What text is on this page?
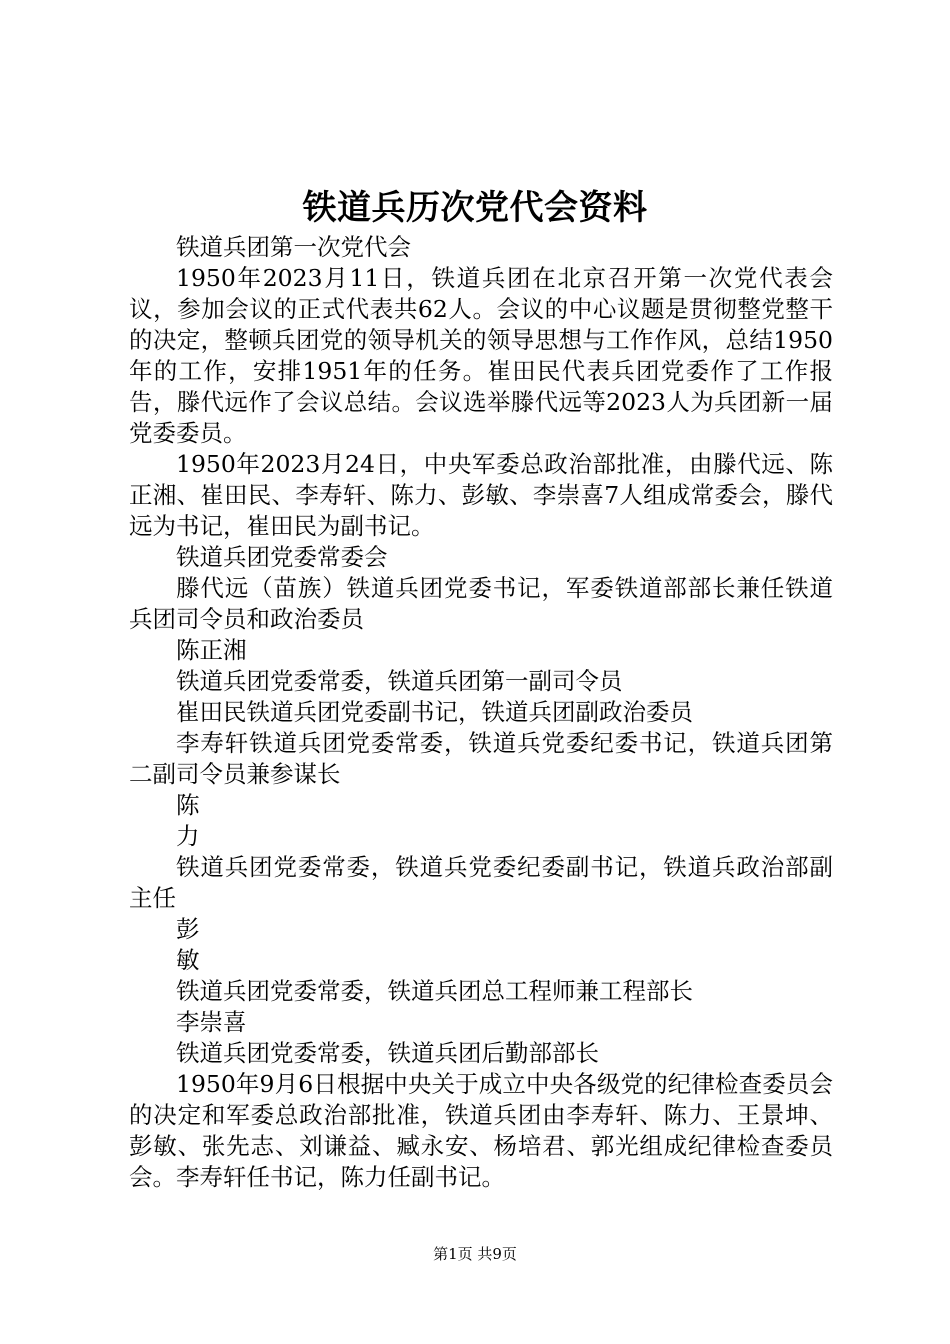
铁道兵历次党代会资料

铁道兵团第一次党代会

1950年2023月11日，铁道兵团在北京召开第一次党代表会议，参加会议的正式代表共62人。会议的中心议题是贯彻整党整干的决定，整顿兵团党的领导机关的领导思想与工作作风，总结1950年的工作，安排1951年的任务。崔田民代表兵团党委作了工作报告，滕代远作了会议总结。会议选举滕代远等2023人为兵团新一届党委委员。

1950年2023月24日，中央军委总政治部批准，由滕代远、陈正湘、崔田民、李寿轩、陈力、彭敏、李崇喜7人组成常委会，滕代远为书记，崔田民为副书记。

铁道兵团党委常委会

滕代远（苗族）铁道兵团党委书记，军委铁道部部长兼任铁道兵团司令员和政治委员

陈正湘

铁道兵团党委常委，铁道兵团第一副司令员

崔田民铁道兵团党委副书记，铁道兵团副政治委员

李寿轩铁道兵团党委常委，铁道兵党委纪委书记，铁道兵团第二副司令员兼参谋长

陈

力

铁道兵团党委常委，铁道兵党委纪委副书记，铁道兵政治部副主任

彭

敏

铁道兵团党委常委，铁道兵团总工程师兼工程部长

李崇喜

铁道兵团党委常委，铁道兵团后勤部部长

1950年9月6日根据中央关于成立中央各级党的纪律检查委员会的决定和军委总政治部批准，铁道兵团由李寿轩、陈力、王景坤、彭敏、张先志、刘谦益、臧永安、杨培君、郭光组成纪律检查委员会。李寿轩任书记，陈力任副书记。

第1页 共9页
